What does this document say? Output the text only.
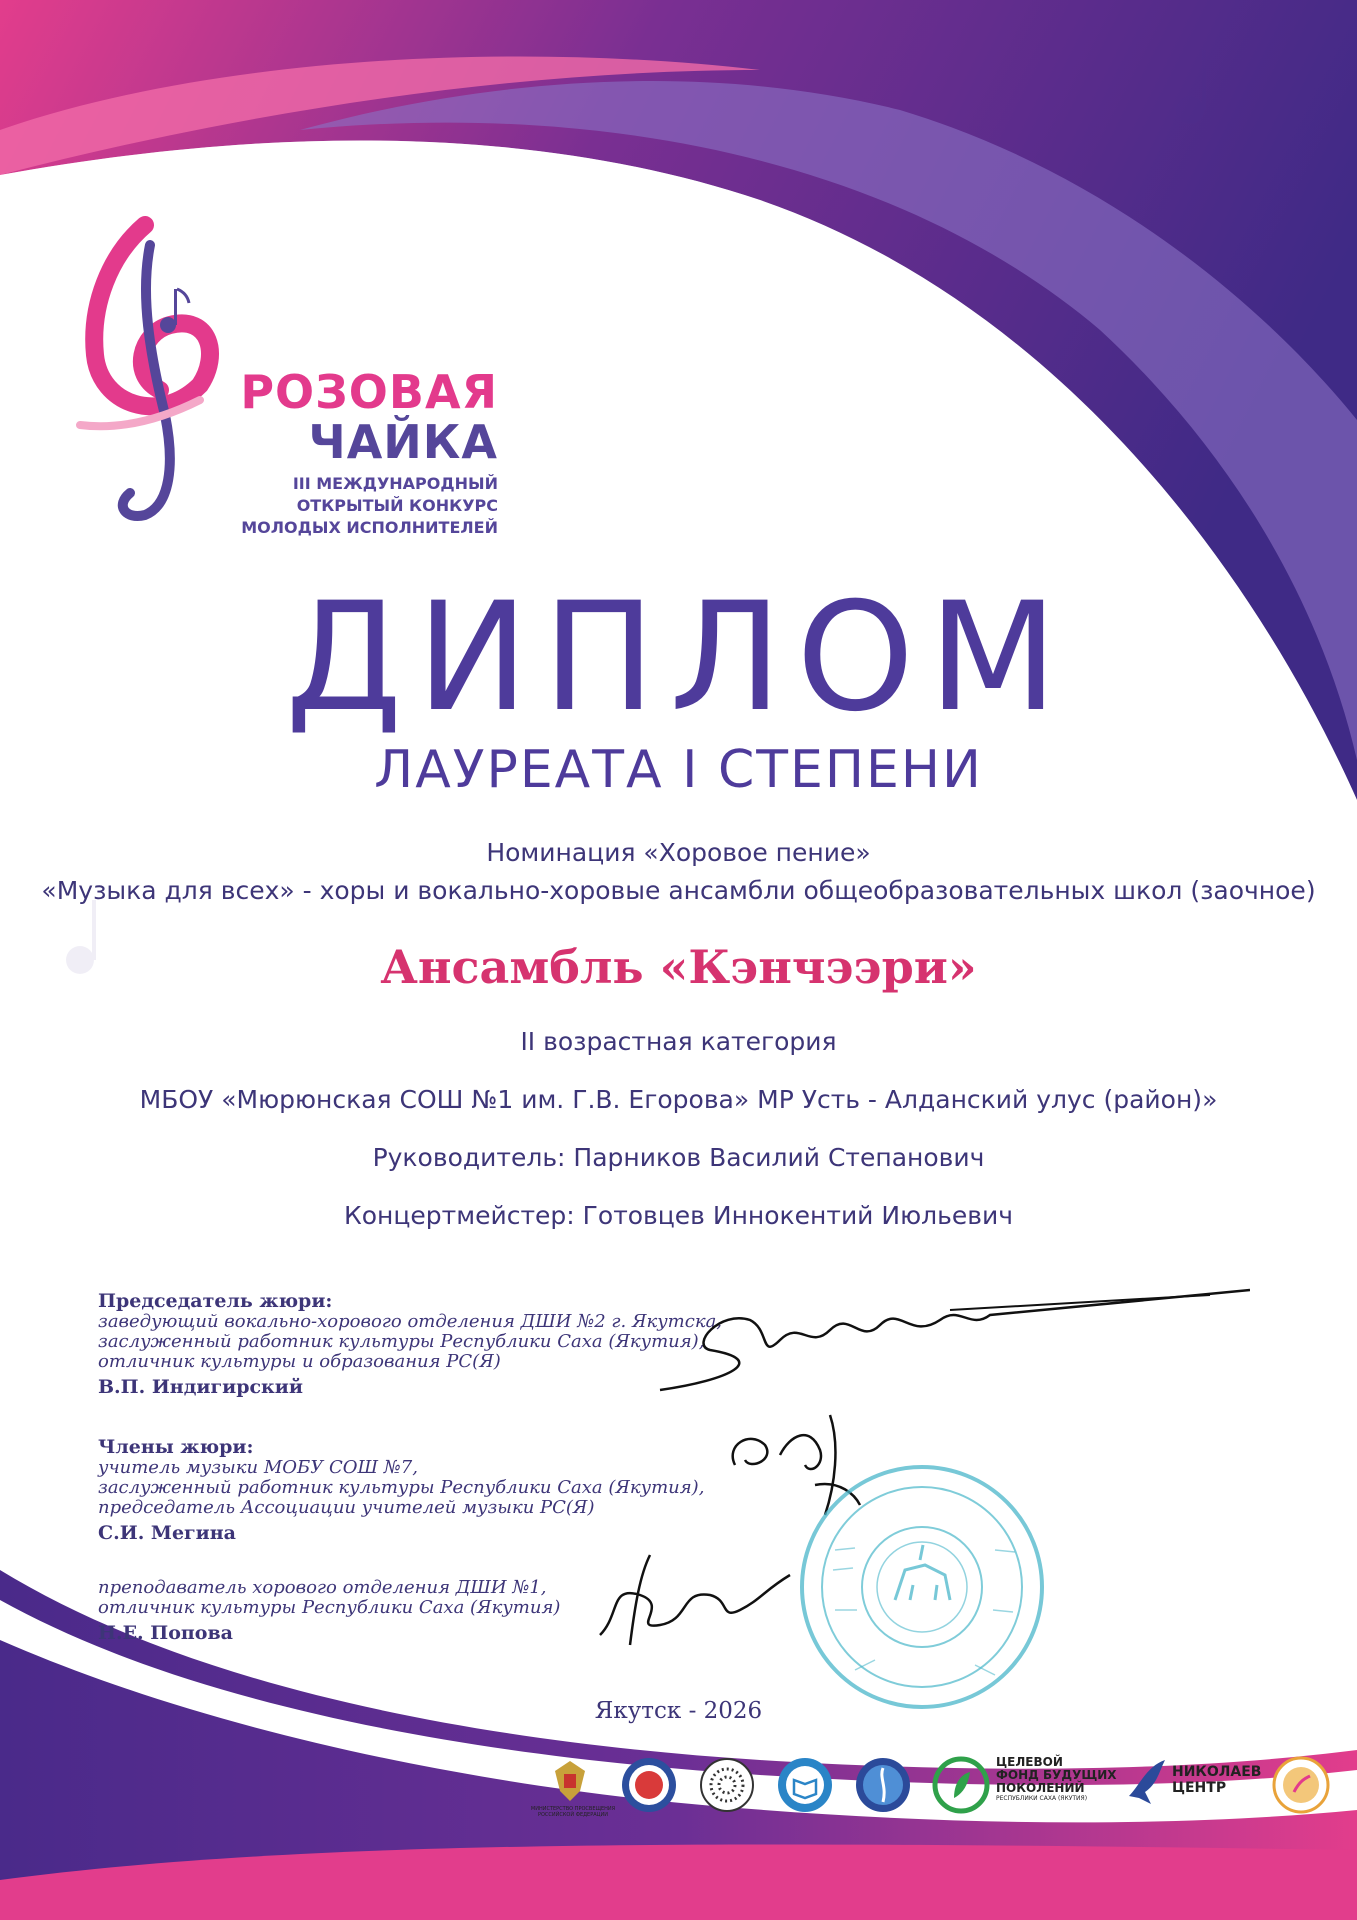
РОЗОВАЯ
ЧАЙКА
III МЕЖДУНАРОДНЫЙ
ОТКРЫТЫЙ КОНКУРС
МОЛОДЫХ ИСПОЛНИТЕЛЕЙ
ДИПЛОМ
ЛАУРЕАТА I СТЕПЕНИ
Номинация «Хоровое пение»
«Музыка для всех» - хоры и вокально-хоровые ансамбли общеобразовательных школ (заочное)
Ансамбль «Кэнчээри»
II возрастная категория
МБОУ «Мюрюнская СОШ №1 им. Г.В. Егорова» МР Усть - Алданский улус (район)»
Руководитель: Парников Василий Степанович
Концертмейстер: Готовцев Иннокентий Июльевич
Председатель жюри:
заведующий вокально-хорового отделения ДШИ №2 г. Якутска,
заслуженный работник культуры Республики Саха (Якутия),
отличник культуры и образования РС(Я)
В.П. Индигирский
Члены жюри:
учитель музыки МОБУ СОШ №7,
заслуженный работник культуры Республики Саха (Якутия),
председатель Ассоциации учителей музыки РС(Я)
С.И. Мегина
преподаватель хорового отделения ДШИ №1,
отличник культуры Республики Саха (Якутия)
Н.Е. Попова
Якутск - 2026
МИНИСТЕРСТВО ПРОСВЕЩЕНИЯ РОССИЙСКОЙ ФЕДЕРАЦИИ
ЦЕЛЕВОЙ
ФОНД БУДУЩИХ
ПОКОЛЕНИЙ
РЕСПУБЛИКИ САХА (ЯКУТИЯ)
НИКОЛАЕВ
ЦЕНТР
